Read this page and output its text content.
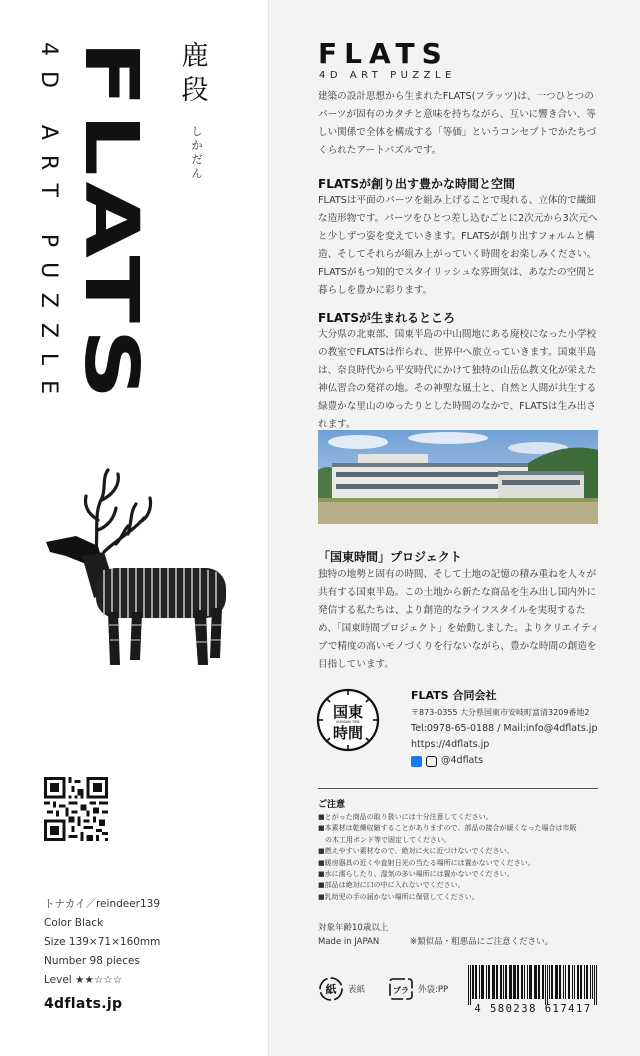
FLATS
4D ART PUZZLE
鹿段
しかだん
トナカイ／reindeer139
Color Black
Size 139×71×160mm
Number 98 pieces
Level ★★☆☆☆
4dflats.jp
FLATS
4D ART PUZZLE
建築の設計思想から生まれたFLATS(フラッツ)は、一つひとつのパーツが固有のカタチと意味を持ちながら、互いに響き合い、等しい関係で全体を構成する「等価」というコンセプトでかたちづくられたアートパズルです。
FLATSが創り出す豊かな時間と空間
FLATSは平面のパーツを組み上げることで現れる、立体的で繊細な造形物です。パーツをひとつ差し込むごとに2次元から3次元へと少しずつ姿を変えていきます。FLATSが創り出すフォルムと構造、そしてそれらが組み上がっていく時間をお楽しみください。FLATSがもつ知的でスタイリッシュな雰囲気は、あなたの空間と暮らしを豊かに彩ります。
FLATSが生まれるところ
大分県の北東部、国東半島の中山間地にある廃校になった小学校の教室でFLATSは作られ、世界中へ旅立っていきます。国東半島は、奈良時代から平安時代にかけて独特の山岳仏教文化が栄えた神仏習合の発祥の地。その神聖な風土と、自然と人間が共生する緑豊かな里山のゆったりとした時間のなかで、FLATSは生み出されます。
「国東時間」プロジェクト
独特の地勢と固有の時間、そして土地の記憶の積み重ねを人々が共有する国東半島。この土地から新たな商品を生み出し国内外に発信する私たちは、より創造的なライフスタイルを実現するため、「国東時間プロジェクト」を始動しました。よりクリエイティブで精度の高いモノづくりを行ないながら、豊かな時間の創造を目指しています。
国東
KUNISAKI TIME
時間
FLATS 合同会社
〒873-0355 大分県国東市安岐町富清3209番地2
Tel:0978-65-0188 / Mail:info@4dflats.jp
https://4dflats.jp
@4dflats
ご注意
■とがった商品の取り扱いには十分注意してください。
■本素材は乾燥収縮することがありますので、部品の接合が緩くなった場合は市販
の木工用ボンド等で固定してください。
■燃えやすい素材なので、絶対に火に近づけないでください。
■暖房器具の近くや直射日光の当たる場所には置かないでください。
■水に濡らしたり、湿気の多い場所には置かないでください。
■部品は絶対に口の中に入れないでください。
■乳幼児の手の届かない場所に保管してください。
対象年齢10歳以上
Made in JAPAN	※類似品・粗悪品にご注意ください。
紙 表紙	プラ 外袋:PP
4 580238 617417
